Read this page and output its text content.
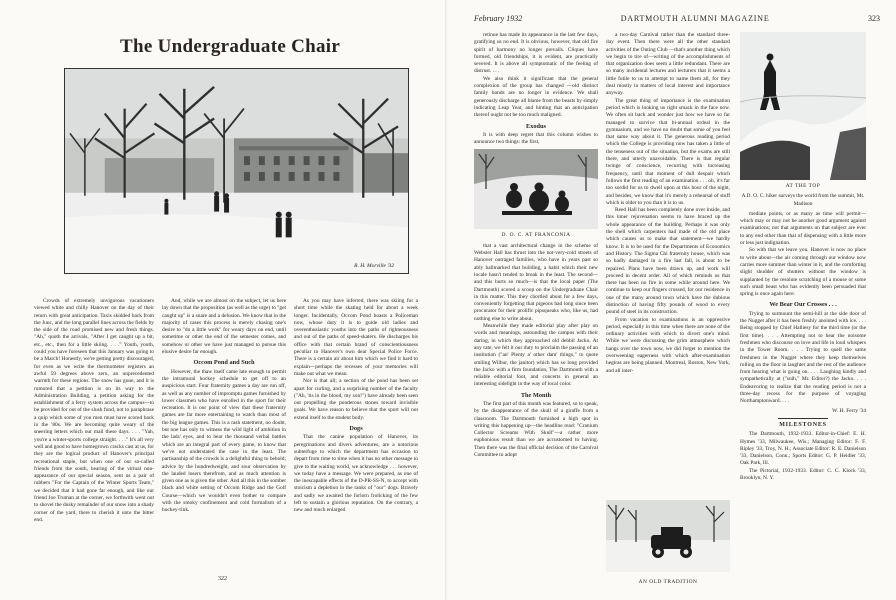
The Undergraduate Chair
R. H. Morville '32

Crowds of extremely unvigorous vacationers viewed white and chilly Hanover on the day of their return with great anticipation. Taxis skidded back from the Junc, and the long parallel lines across the fields by the side of the road promised new and fresh things. "Ah," quoth the arrivals, "After I get caught up a bit, etc., etc., then for a little skiing. . . ." Youth, youth, could you have foreseen that this January was going to be a March! Honestly, we're getting pretty discouraged, for even as we write the thermometer registers an awful 59 degrees above zero, an unprecedented warmth for these regions. The snow has gone, and it is rumored that a petition is on its way to the Administration Building, a petition asking for the establishment of a ferry system across the campus—to be provided for out of the slush fund, not to paraphrase a quip which some of you men must have scored back in the '80s. We are becoming quite weary of the sneering letters which our mail these days. . . . "Yah, you're a winter-sports college straight. . . ." It's all very well and good to have homegrown cracks cast at us, for they are the logical product of Hanover's principal recreational staple, but when one of our so-called friends from the south, hearing of the virtual non-appearance of our special season, sent us a pair of rubbers "For the Captain of the Winter Sports Team," we decided that it had gone far enough, and like our friend Joe Truman at the corner, we forthwith went out to shovel the dusky remainder of our snow into a shady corner of the yard, there to cherish it unto the bitter end.

And, while we are almost on the subject, let us here lay down that the proposition (as well as the urge) to "get caught up" is a snare and a delusion. We know that in the majority of cases this process is merely chasing one's desire to "do a little work" for weary days on end, until sometime or other the end of the semester comes, and somehow or other we have just managed to pursue this elusive desire far enough.

Occom Pond and Such

However, the thaw itself came late enough to permit the intramural hockey schedule to get off to an auspicious start. Four fraternity games a day are run off, as well as any number of impromptu games furnished by lower classmen who have enrolled in the sport for their recreation. It is our point of view that these fraternity games are far more entertaining to watch than most of the big league games. This is a rash statement, no doubt, but one has only to witness the wild light of ambition in the lads' eyes, and to hear the thousand verbal battles which are an integral part of every game, to know that we've not understated the case in the least. The partisanship of the crowds is a delightful thing to behold; advice by the hundredweight, and sour observation by the lauded losers therefrom, and as much attention is given one as is given the other. And all this in the somber black and white setting of Occom Ridge and the Golf Course—which we wouldn't even bother to compare with the smoky confinement and cold formalism of a hockey-rink.

As you may have inferred, there was skiing for a short time while the skating held for about a week longer. Incidentally, Occom Pond boasts a Policeman now, whose duty it is to guide old ladies and overenthusiastic youths into the paths of righteousness and out of the paths of speed-skaters. He discharges his office with that certain brand of conscientiousness peculiar to Hanover's own dear Special Police Force. There is a certain air about him which we find it hard to explain—perhaps the recesses of your memories will make out what we mean.

Nor is that all; a section of the pond has been set apart for curling, and a surprising number of the faculty ("Ah, 'tis in the blood, my son!") have already been seen out propelling the ponderous stones toward invisible goals. We have reason to believe that the sport will not extend itself to the student body.

Dogs

That the canine population of Hanover, its peregrinations and divers adventures, are a notorious subterfuge to which the department has occasion to depart from time to time when it has no other message to give to the waiting world, we acknowledge . . . however, we today have a message. We were prepared, as one of the inescapable effects of the D-PR-SS-N, to accept with stoicism a depletion in the ranks of "our" dogs. Bravely and sadly we awaited the forlorn frolicking of the few left to sustain a glorious reputation. On the contrary, a new and much enlarged

322
February 1932	DARTMOUTH ALUMNI MAGAZINE	323

retinue has made its appearance in the last few days, gratifying us no end. It is obvious, however, that old fire spirit of harmony no longer prevails. Cliques have formed, old friendships, it is evident, are practically severed. It is above all symptomatic of the feeling of distrust. . . .

We also think it significant that the general complexion of the group has changed —old distinct family bonds are no longer in evidence. We shall generously discharge all blame from the beasts by simply indicating Leap Year, and hinting that an anticipation thereof ought not be too much maligned.

Exodus

It is with deep regret that this column wishes to announce two things: the first,

D. O. C. AT FRANCONIA

that a vast architectural change in the scheme of Webster Hall has thrust into the not-very-cold streets of Hanover outraged families, who have in years past so ably hallmarked that building, a habit which their new locale hasn't tended to break in the least. The second—and this hurts so much—is that the local paper (The Dartmouth) scored a scoop on the Undergraduate Chair in this matter. This they chortled about for a few days, conveniently forgetting that pigeons had long since been procurator for their prolific pipsqueaks who, like us, had nothing else to write about.

Meanwhile they made editorial play after play on words and meanings, astounding the campus with their daring, in which they approached old debbil Jacko. At any rate, we felt it our duty to proclaim the passing of an institution ("an' Plenty a' other dam' things," to quote smiling Wilbur, the janitor) which has so long provided the Jacko with a firm foundation, The Dartmouth with a reliable editorial foot, and concerts in general an interesting sidelight in the way of local color.

The Month

The first part of this month was featured, so to speak, by the disappearance of the skull of a giraffe from a classroom. The Dartmouth furnished a high spot in writing this happening up—the headline read: "Cranium Collector Screams With Skull"—a rather more euphonious result than we are accustomed to having. Then there was the final official decision of the Carnival Committee to adopt

a two-day Carnival rather than the standard three-day event. Then there were all the other standard activities of the Outing Club —that's another thing which we begin to tire of—writing of the accomplishments of that organization does seem a little redundant. There are so many incidental lectures and lecturers that it seems a little futile to us to attempt to name them all, for they deal mostly in matters of local interest and importance anyway.

The great thing of importance is the examination period which is looking us right smack in the face now. We often sit back and wonder just how we have so far managed to survive that bi-annual ordeal in the gymnasium, and we have no doubt that some of you feel that same way about it. The generous reading period which the College is providing now has taken a little of the tenseness out of the situation, but the exams are still there, and utterly unavoidable. There is that regular twinge of conscience, recurring with increasing frequency, until that moment of dull despair which follows the first reading of an examination . . . oh, it's far too sordid for us to dwell upon at this hour of the night, and besides, we know that it's merely a rehearsal of stuff which is older to you than it is to us.

Reed Hall has been completely done over inside, and this inner rejuvenation seems to have braced up the whole appearance of the building. Perhaps it was only the shell which carpenters had made of the old place which causes us to make that statement—we hardly know. It is to be used for the Departments of Economics and History. The Sigma Chi fraternity house, which was so badly damaged in a fire last fall, is about to be repaired. Plans have been drawn up, and work will proceed in decent order. All of which reminds us that there has been no fire in some while around here. We continue to keep our fingers crossed, for our residence in one of the many around town which have the dubious distinction of having fifty pounds of wood to every pound of steel in its construction.

From vacation to examinations is an oppressive period, especially in this time when there are none of the ordinary activities with which to divert one's mind. While we were discussing the grim atmosphere which hangs over the town now, we did forget to mention the overweening eagerness with which after-examination hegiras are being planned. Montreal, Boston, New York, and all inter-

AN OLD TRADITION
AT THE TOP
A D. O. C. hiker surveys the world from the summit, Mt. Madison

mediate points, or as many as time will permit—which may or may not be another good argument against examinations; not that arguments on that subject are ever to any end other than that of dispensing with a little more or less just indignation.

So with that we leave you. Hanover is now no place to write about—the air coming through our window now carries more summer than winter in it, and the comforting slight shudder of shutters without the window is supplanted by the resolute scratching of a mouse or some such small beast who has evidently been persuaded that spring is once again here.

We Bear Our Crosses . . .

Trying to surmount the semi-hill at the side door of the Nugget after it has been freshly anointed with ice. . . . Being stopped by Chief Halliesy for the third time (or the first time). . . . Attempting not to hear the noisome freshmen who discourse on love and life in loud whispers in the Tower Room. . . . Trying to quell the same freshmen in the Nugget where they keep themselves rolling on the floor in laughter and the rest of the audience from hearing what is going on. . . . Laughing kindly and sympathetically at ("snih," Mr. Editor?) the Jacko. . . . Endeavoring to realize that the reading period is not a three-day recess for the purpose of voyaging Northamptonward. . . .

W. H. Ferry '34
MILESTONES

The Dartmouth, 1932-1933. Editor-in-Chief: E. H. Hymes '33, Milwaukee, Wis.; Managing Editor: F. F. Ripley '33, Troy, N. H.; Associate Editor: R. E. Danielson '33, Danielson, Conn.; Sports Editor: G. P. Heidler '33, Oak Park, Ill.

The Pictorial, 1932-1933. Editor: C. C. Klock '33, Brooklyn, N. Y.
